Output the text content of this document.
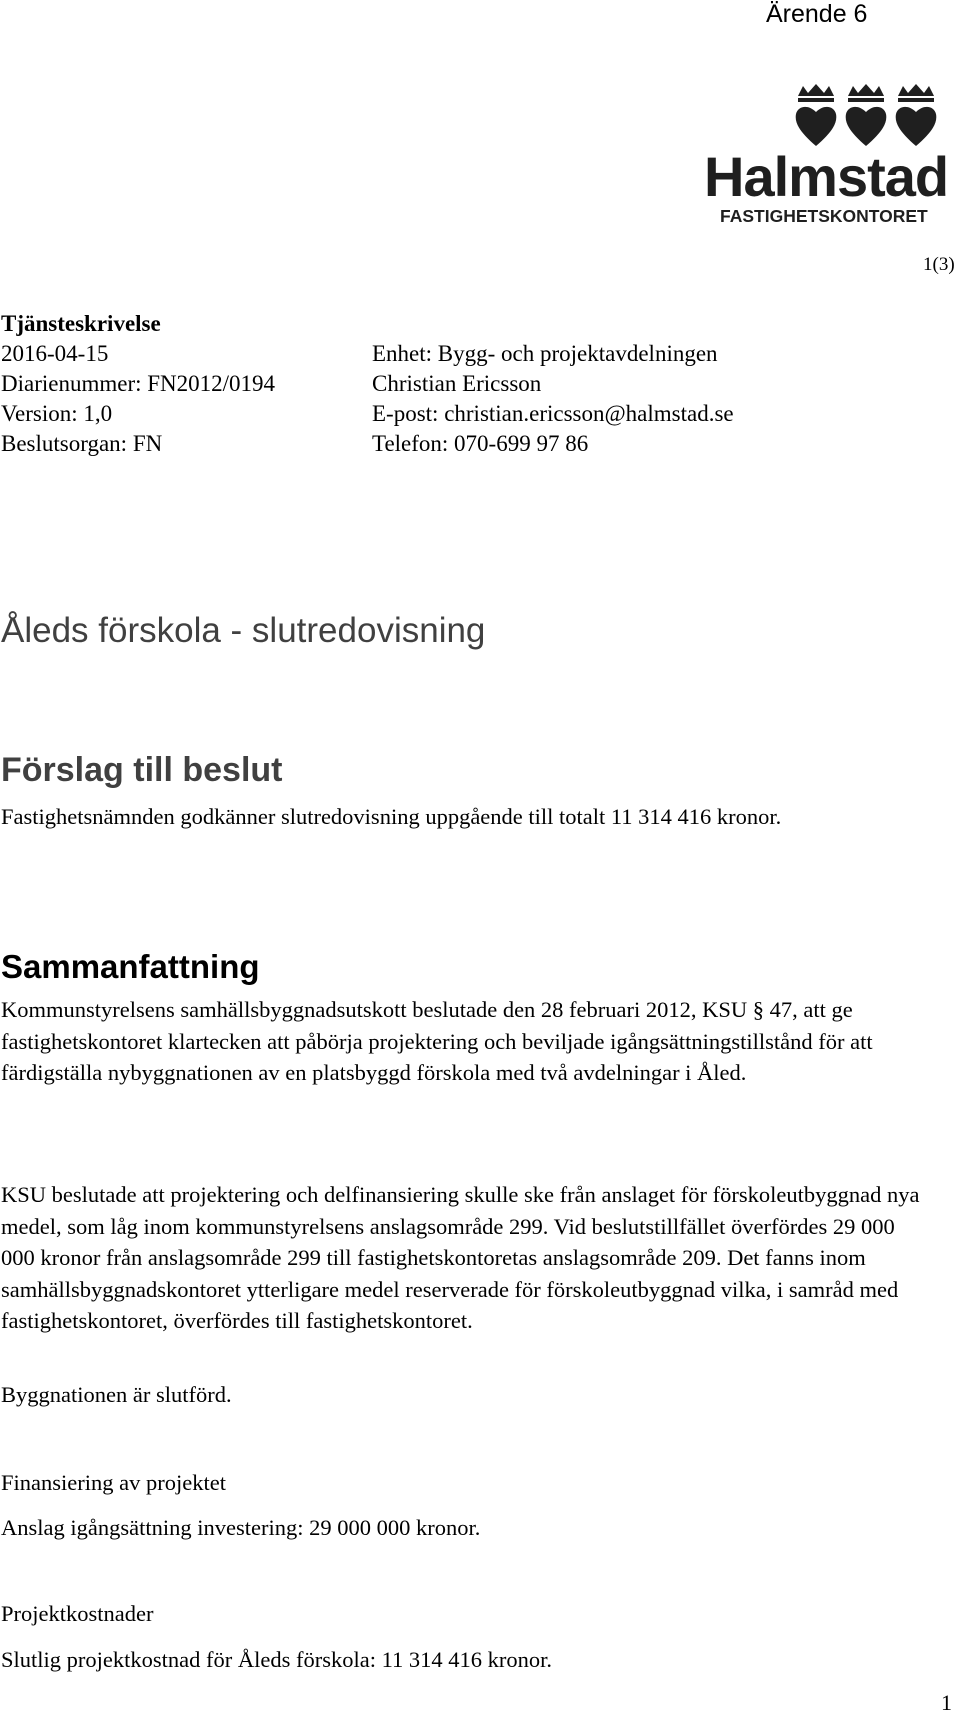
Ärende 6
Halmstad
FASTIGHETSKONTORET
1(3)
Tjänsteskrivelse
2016-04-15
Diarienummer: FN2012/0194
Version: 1,0
Beslutsorgan: FN
Enhet: Bygg- och projektavdelningen
Christian Ericsson
E-post: christian.ericsson@halmstad.se
Telefon: 070-699 97 86
Åleds förskola - slutredovisning
Förslag till beslut

Fastighetsnämnden godkänner slutredovisning uppgående till totalt 11 314 416 kronor.

Sammanfattning

Kommunstyrelsens samhällsbyggnadsutskott beslutade den 28 februari 2012, KSU § 47, att ge fastighetskontoret klartecken att påbörja projektering och beviljade igångsättningstillstånd för att färdigställa nybyggnationen av en platsbyggd förskola med två avdelningar i Åled.

KSU beslutade att projektering och delfinansiering skulle ske från anslaget för förskoleutbyggnad nya medel, som låg inom kommunstyrelsens anslagsområde 299. Vid beslutstillfället överfördes 29 000 000 kronor från anslagsområde 299 till fastighetskontoretas anslagsområde 209. Det fanns inom samhällsbyggnadskontoret ytterligare medel reserverade för förskoleutbyggnad vilka, i samråd med fastighetskontoret, överfördes till fastighetskontoret.

Byggnationen är slutförd.

Finansiering av projektet

Anslag igångsättning investering: 29 000 000 kronor.

Projektkostnader

Slutlig projektkostnad för Åleds förskola: 11 314 416 kronor.

1
